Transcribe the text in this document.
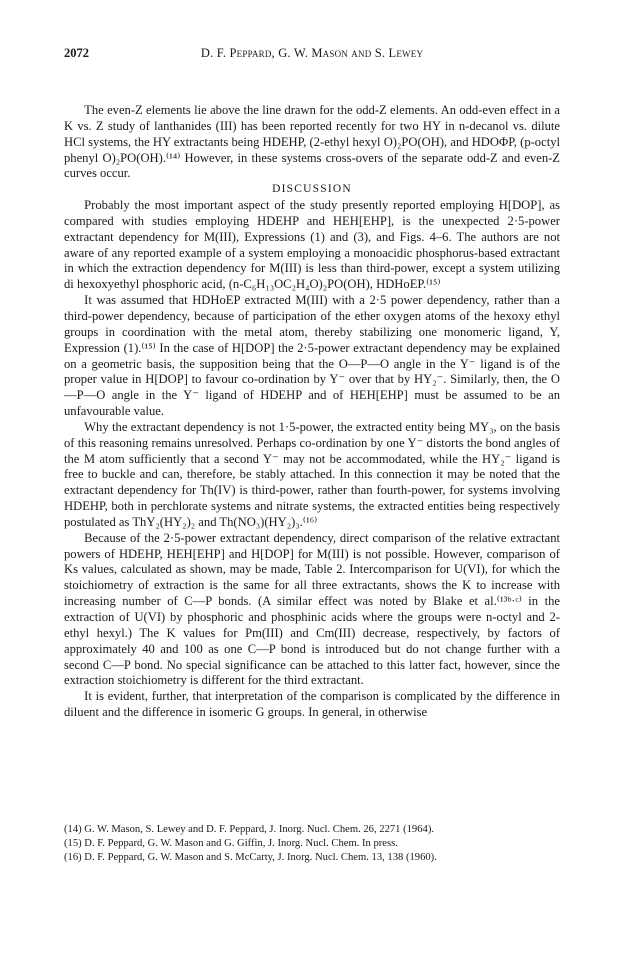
2072	D. F. Peppard, G. W. Mason and S. Lewey

The even-Z elements lie above the line drawn for the odd-Z elements. An odd-even effect in a K vs. Z study of lanthanides (III) has been reported recently for two HY in n-decanol vs. dilute HCl systems, the HY extractants being HDEHP, (2-ethyl hexyl O)₂PO(OH), and HDOΦP, (p-octyl phenyl O)₂PO(OH).⁽¹⁴⁾ However, in these systems cross-overs of the separate odd-Z and even-Z curves occur.

DISCUSSION

Probably the most important aspect of the study presently reported employing H[DOP], as compared with studies employing HDEHP and HEH[EHP], is the unexpected 2·5-power extractant dependency for M(III), Expressions (1) and (3), and Figs. 4–6. The authors are not aware of any reported example of a system employing a monoacidic phosphorus-based extractant in which the extraction dependency for M(III) is less than third-power, except a system utilizing di hexoxyethyl phosphoric acid, (n-C₆H₁₃OC₂H₄O)₂PO(OH), HDHoEP.⁽¹⁵⁾

It was assumed that HDHoEP extracted M(III) with a 2·5 power dependency, rather than a third-power dependency, because of participation of the ether oxygen atoms of the hexoxy ethyl groups in coordination with the metal atom, thereby stabilizing one monomeric ligand, Y, Expression (1).⁽¹⁵⁾ In the case of H[DOP] the 2·5-power extractant dependency may be explained on a geometric basis, the supposition being that the O—P—O angle in the Y⁻ ligand is of the proper value in H[DOP] to favour co-ordination by Y⁻ over that by HY₂⁻. Similarly, then, the O—P—O angle in the Y⁻ ligand of HDEHP and of HEH[EHP] must be assumed to be an unfavourable value.

Why the extractant dependency is not 1·5-power, the extracted entity being MY₃, on the basis of this reasoning remains unresolved. Perhaps co-ordination by one Y⁻ distorts the bond angles of the M atom sufficiently that a second Y⁻ may not be accommodated, while the HY₂⁻ ligand is free to buckle and can, therefore, be stably attached. In this connection it may be noted that the extractant dependency for Th(IV) is third-power, rather than fourth-power, for systems involving HDEHP, both in perchlorate systems and nitrate systems, the extracted entities being respectively postulated as ThY₂(HY₂)₂ and Th(NO₃)(HY₂)₃.⁽¹⁶⁾

Because of the 2·5-power extractant dependency, direct comparison of the relative extractant powers of HDEHP, HEH[EHP] and H[DOP] for M(III) is not possible. However, comparison of Ks values, calculated as shown, may be made, Table 2. Intercomparison for U(VI), for which the stoichiometry of extraction is the same for all three extractants, shows the K to increase with increasing number of C—P bonds. (A similar effect was noted by Blake et al.⁽¹³ᵇ·ᶜ⁾ in the extraction of U(VI) by phosphoric and phosphinic acids where the groups were n-octyl and 2-ethyl hexyl.) The K values for Pm(III) and Cm(III) decrease, respectively, by factors of approximately 40 and 100 as one C—P bond is introduced but do not change further with a second C—P bond. No special significance can be attached to this latter fact, however, since the extraction stoichiometry is different for the third extractant.

It is evident, further, that interpretation of the comparison is complicated by the difference in diluent and the difference in isomeric G groups. In general, in otherwise

(14) G. W. Mason, S. Lewey and D. F. Peppard, J. Inorg. Nucl. Chem. 26, 2271 (1964).

(15) D. F. Peppard, G. W. Mason and G. Giffin, J. Inorg. Nucl. Chem. In press.

(16) D. F. Peppard, G. W. Mason and S. McCarty, J. Inorg. Nucl. Chem. 13, 138 (1960).
